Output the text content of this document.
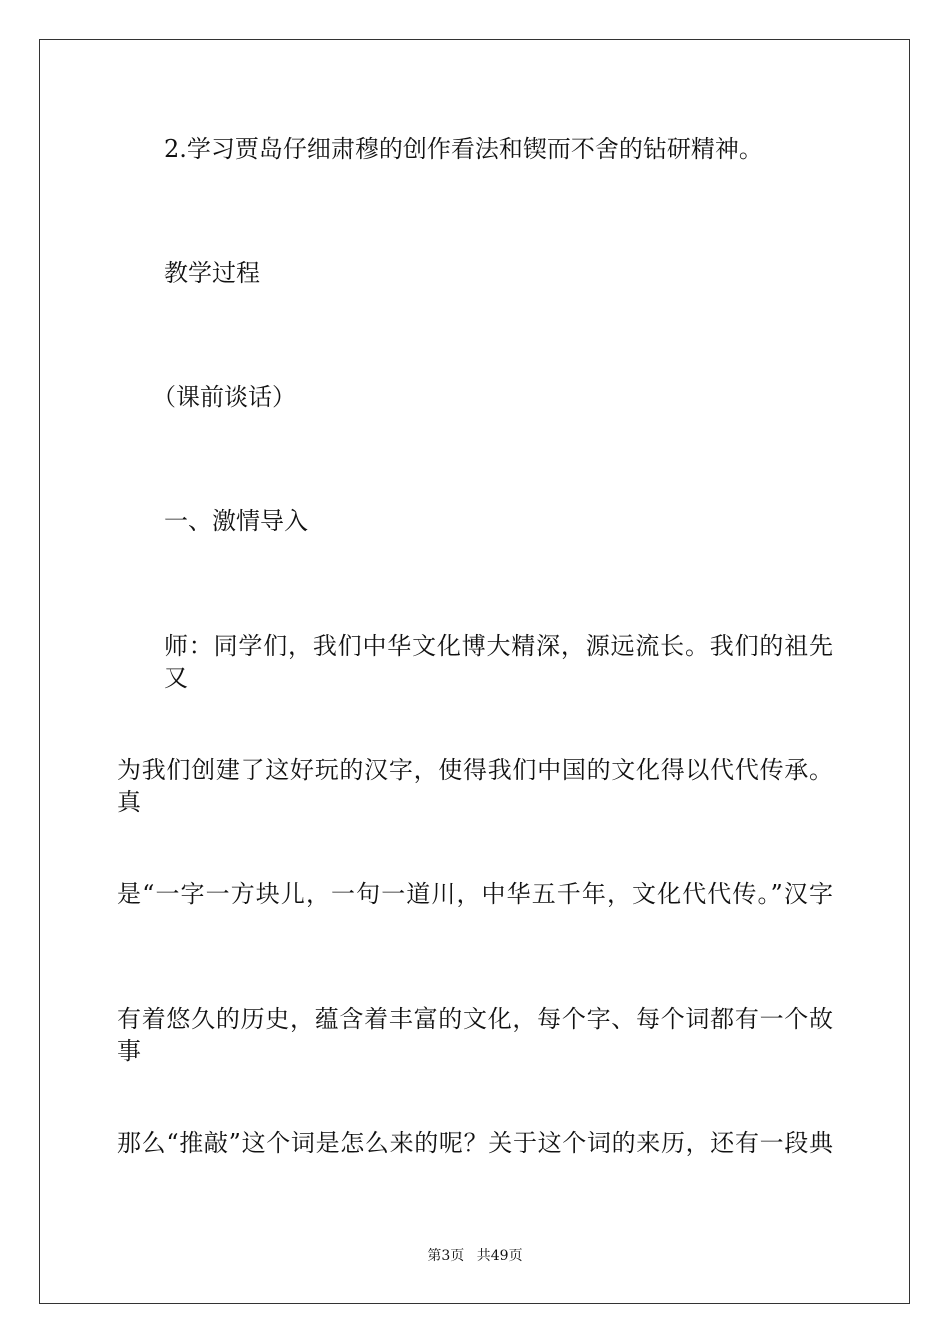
2.学习贾岛仔细肃穆的创作看法和锲而不舍的钻研精神。
教学过程
（课前谈话）
一、激情导入
师：同学们，我们中华文化博大精深，源远流长。我们的祖先又
为我们创建了这好玩的汉字，使得我们中国的文化得以代代传承。真
是“一字一方块儿，一句一道川，中华五千年，文化代代传。”汉字
有着悠久的历史，蕴含着丰富的文化，每个字、每个词都有一个故事
那么“推敲”这个词是怎么来的呢？关于这个词的来历，还有一段典
第3页 共49页
